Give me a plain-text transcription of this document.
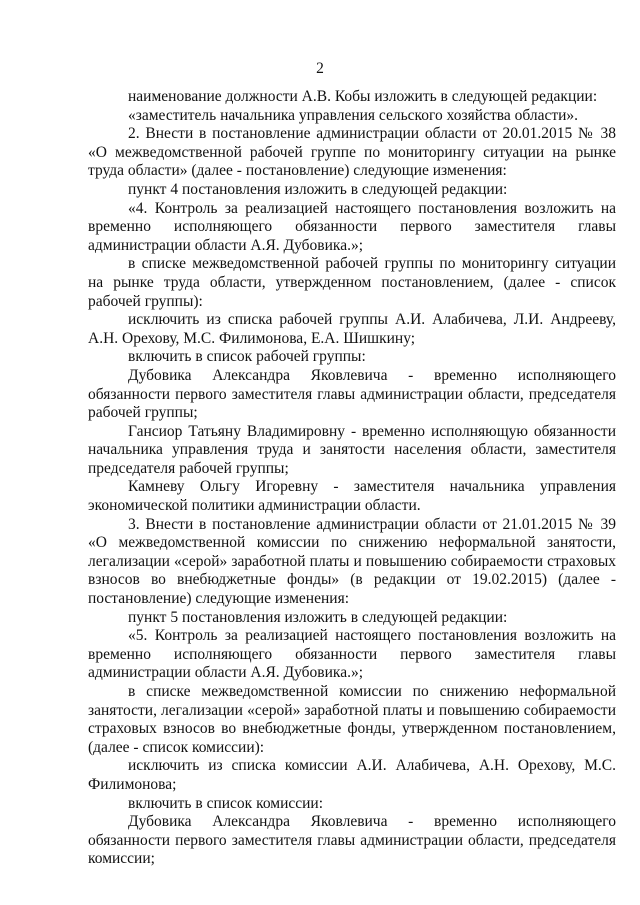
2

наименование должности А.В. Кобы изложить в следующей редакции:

«заместитель начальника управления сельского хозяйства области».

2. Внести в постановление администрации области от 20.01.2015 № 38 «О межведомственной рабочей группе по мониторингу ситуации на рынке труда области» (далее - постановление) следующие изменения:

пункт 4 постановления изложить в следующей редакции:

«4. Контроль за реализацией настоящего постановления возложить на временно исполняющего обязанности первого заместителя главы администрации области А.Я. Дубовика.»;

в списке межведомственной рабочей группы по мониторингу ситуации на рынке труда области, утвержденном постановлением, (далее - список рабочей группы):

исключить из списка рабочей группы А.И. Алабичева, Л.И. Андрееву, А.Н. Орехову, М.С. Филимонова, Е.А. Шишкину;

включить в список рабочей группы:

Дубовика Александра Яковлевича - временно исполняющего обязанности первого заместителя главы администрации области, председателя рабочей группы;

Гансиор Татьяну Владимировну - временно исполняющую обязанности начальника управления труда и занятости населения области, заместителя председателя рабочей группы;

Камневу Ольгу Игоревну - заместителя начальника управления экономической политики администрации области.

3. Внести в постановление администрации области от 21.01.2015 № 39 «О межведомственной комиссии по снижению неформальной занятости, легализации «серой» заработной платы и повышению собираемости страховых взносов во внебюджетные фонды» (в редакции от 19.02.2015) (далее - постановление) следующие изменения:

пункт 5 постановления изложить в следующей редакции:

«5. Контроль за реализацией настоящего постановления возложить на временно исполняющего обязанности первого заместителя главы администрации области А.Я. Дубовика.»;

в списке межведомственной комиссии по снижению неформальной занятости, легализации «серой» заработной платы и повышению собираемости страховых взносов во внебюджетные фонды, утвержденном постановлением, (далее - список комиссии):

исключить из списка комиссии А.И. Алабичева, А.Н. Орехову, М.С. Филимонова;

включить в список комиссии:

Дубовика Александра Яковлевича - временно исполняющего обязанности первого заместителя главы администрации области, председателя комиссии;
